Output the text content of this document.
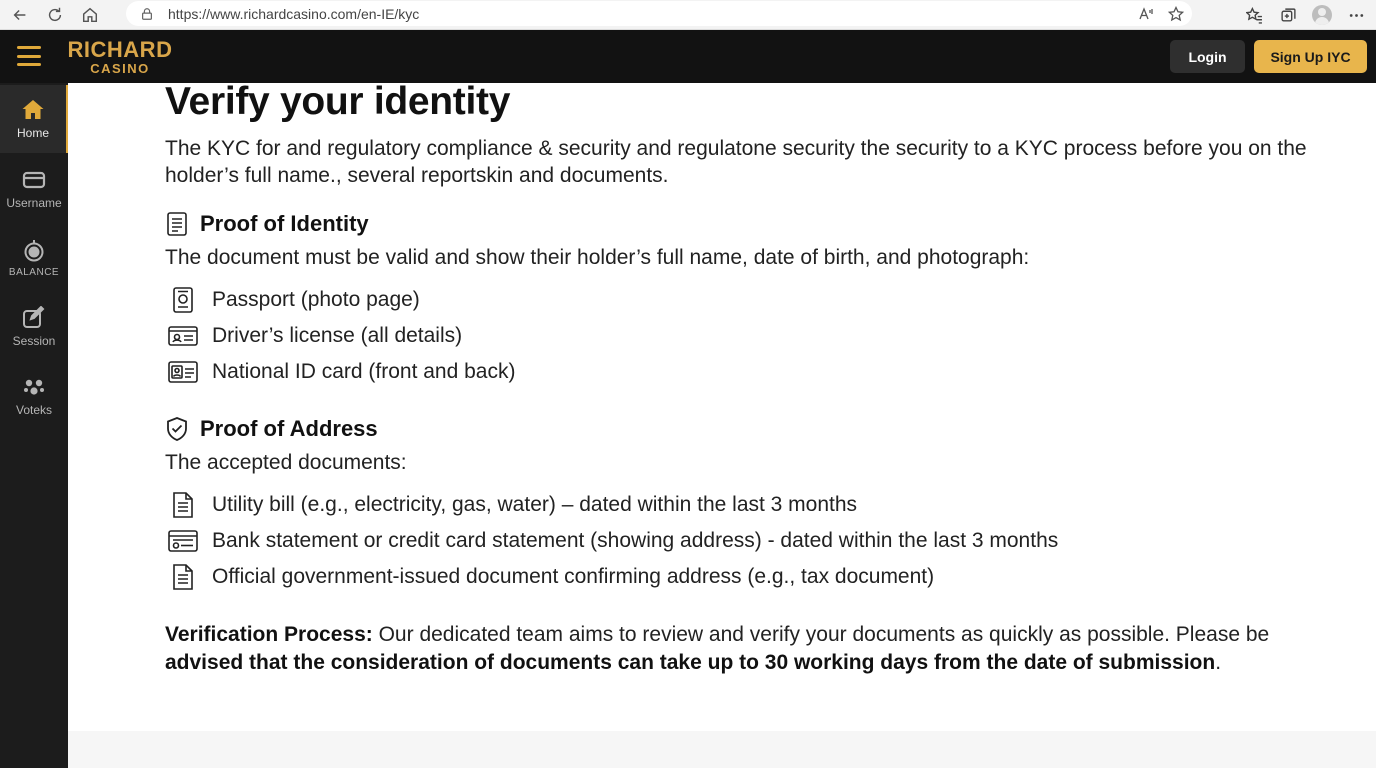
https://www.richardcasino.com/en-IE/kyc
RICHARD
CASINO
Login	Sign Up IYC
Home
Username
BALANCE
Session
Voteks
Verify your identity

The KYC for and regulatory compliance & security and regulatone security the security to a KYC process before you on the holder’s full name., several reportskin and documents.

Proof of Identity
The document must be valid and show their holder’s full name, date of birth, and photograph:
Passport (photo page)
Driver’s license (all details)
National ID card (front and back)
Proof of Address
The accepted documents:
Utility bill (e.g., electricity, gas, water) – dated within the last 3 months
Bank statement or credit card statement (showing address) - dated within the last 3 months
Official government-issued document confirming address (e.g., tax document)

Verification Process: Our dedicated team aims to review and verify your documents as quickly as possible. Please be advised that the consideration of documents can take up to 30 working days from the date of submission.
